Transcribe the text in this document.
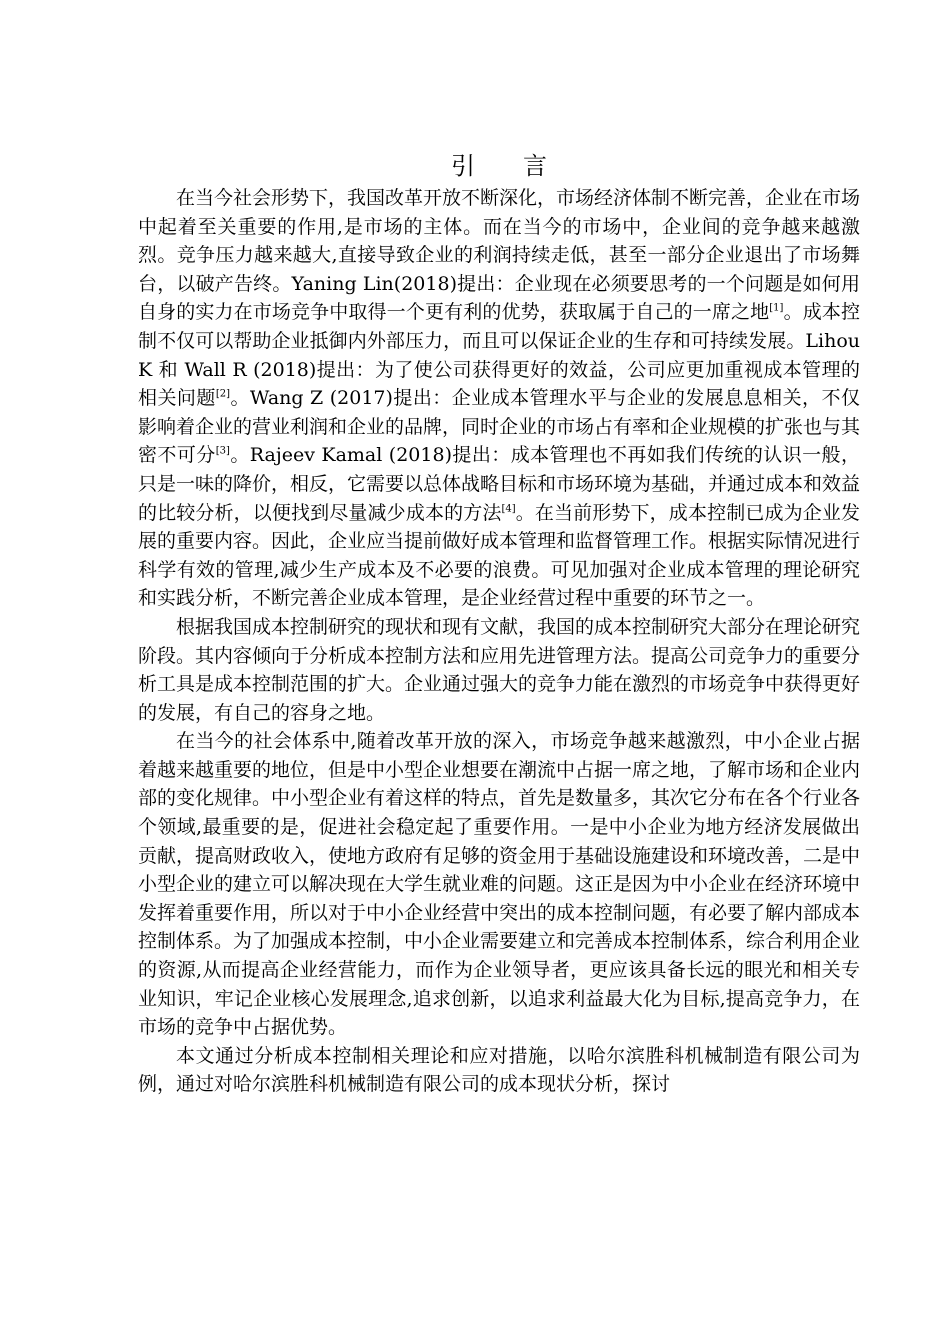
引　　言

在当今社会形势下，我国改革开放不断深化，市场经济体制不断完善，企业在市场中起着至关重要的作用,是市场的主体。而在当今的市场中，企业间的竞争越来越激烈。竞争压力越来越大,直接导致企业的利润持续走低，甚至一部分企业退出了市场舞台，以破产告终。Yaning Lin(2018)提出：企业现在必须要思考的一个问题是如何用自身的实力在市场竞争中取得一个更有利的优势，获取属于自己的一席之地[1]。成本控制不仅可以帮助企业抵御内外部压力，而且可以保证企业的生存和可持续发展。Lihou K 和 Wall R (2018)提出：为了使公司获得更好的效益，公司应更加重视成本管理的相关问题[2]。Wang Z (2017)提出：企业成本管理水平与企业的发展息息相关，不仅影响着企业的营业利润和企业的品牌，同时企业的市场占有率和企业规模的扩张也与其密不可分[3]。Rajeev Kamal (2018)提出：成本管理也不再如我们传统的认识一般，只是一味的降价，相反，它需要以总体战略目标和市场环境为基础，并通过成本和效益的比较分析，以便找到尽量减少成本的方法[4]。在当前形势下，成本控制已成为企业发展的重要内容。因此，企业应当提前做好成本管理和监督管理工作。根据实际情况进行科学有效的管理,减少生产成本及不必要的浪费。可见加强对企业成本管理的理论研究和实践分析，不断完善企业成本管理，是企业经营过程中重要的环节之一。

根据我国成本控制研究的现状和现有文献，我国的成本控制研究大部分在理论研究阶段。其内容倾向于分析成本控制方法和应用先进管理方法。提高公司竞争力的重要分析工具是成本控制范围的扩大。企业通过强大的竞争力能在激烈的市场竞争中获得更好的发展，有自己的容身之地。

在当今的社会体系中,随着改革开放的深入，市场竞争越来越激烈，中小企业占据着越来越重要的地位，但是中小型企业想要在潮流中占据一席之地，了解市场和企业内部的变化规律。中小型企业有着这样的特点，首先是数量多，其次它分布在各个行业各个领域,最重要的是，促进社会稳定起了重要作用。一是中小企业为地方经济发展做出贡献，提高财政收入，使地方政府有足够的资金用于基础设施建设和环境改善，二是中小型企业的建立可以解决现在大学生就业难的问题。这正是因为中小企业在经济环境中发挥着重要作用，所以对于中小企业经营中突出的成本控制问题，有必要了解内部成本控制体系。为了加强成本控制，中小企业需要建立和完善成本控制体系，综合利用企业的资源,从而提高企业经营能力，而作为企业领导者，更应该具备长远的眼光和相关专业知识，牢记企业核心发展理念,追求创新，以追求利益最大化为目标,提高竞争力，在市场的竞争中占据优势。

本文通过分析成本控制相关理论和应对措施，以哈尔滨胜科机械制造有限公司为例，通过对哈尔滨胜科机械制造有限公司的成本现状分析，探讨
